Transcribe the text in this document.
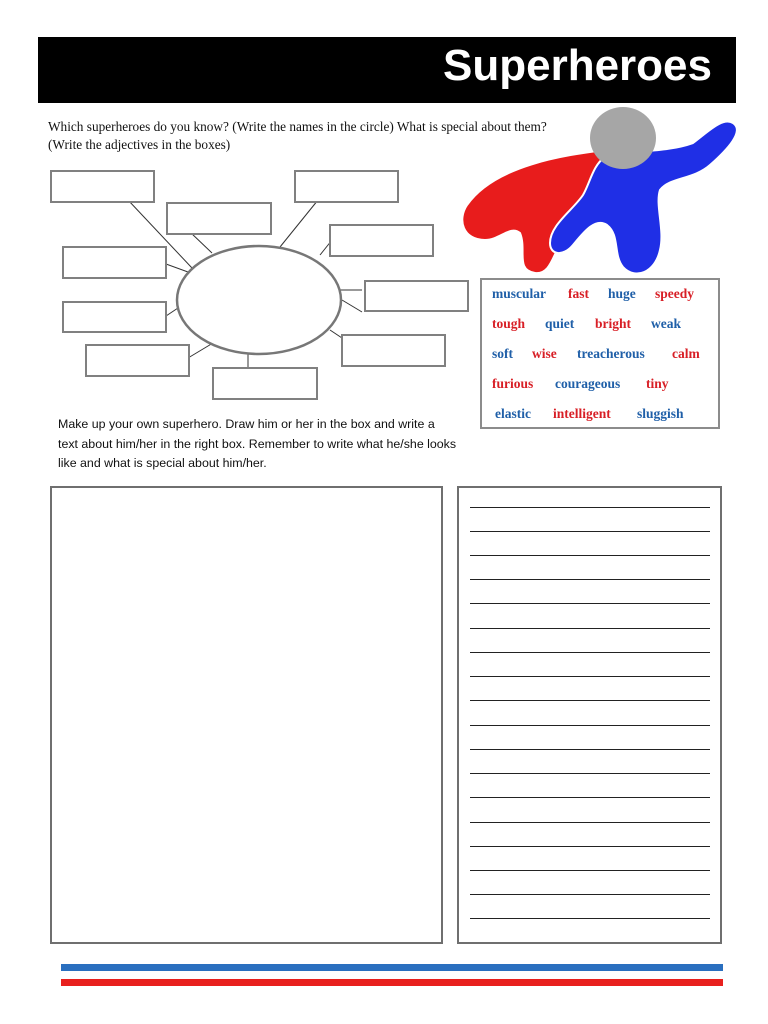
Superheroes
Which superheroes do you know? (Write the names in the circle) What is special about them? (Write the adjectives in the boxes)
muscular fast huge speedy
tough quiet bright weak
soft wise treacherous calm
furious courageous tiny
elastic intelligent sluggish
Make up your own superhero. Draw him or her in the box and write a text about him/her in the right box. Remember to write what he/she looks like and what is special about him/her.
